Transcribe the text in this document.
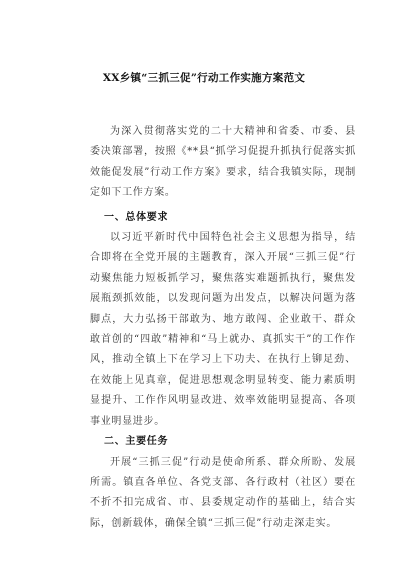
XX乡镇“三抓三促”行动工作实施方案范文

为深入贯彻落实党的二十大精神和省委、市委、县委决策部署，按照《**县“抓学习促提升抓执行促落实抓效能促发展”行动工作方案》要求，结合我镇实际，现制定如下工作方案。

一、总体要求

以习近平新时代中国特色社会主义思想为指导，结合即将在全党开展的主题教育，深入开展“三抓三促”行动聚焦能力短板抓学习，聚焦落实难题抓执行，聚焦发展瓶颈抓效能，以发现问题为出发点，以解决问题为落脚点，大力弘扬干部敢为、地方敢闯、企业敢干、群众敢首创的“四敢”精神和“马上就办、真抓实干”的工作作风，推动全镇上下在学习上下功夫、在执行上铆足劲、在效能上见真章，促进思想观念明显转变、能力素质明显提升、工作作风明显改进、效率效能明显提高、各项事业明显进步。

二、主要任务

开展“三抓三促”行动是使命所系、群众所盼、发展所需。镇直各单位、各党支部、各行政村（社区）要在不折不扣完成省、市、县委规定动作的基础上，结合实际，创新载体，确保全镇“三抓三促”行动走深走实。
